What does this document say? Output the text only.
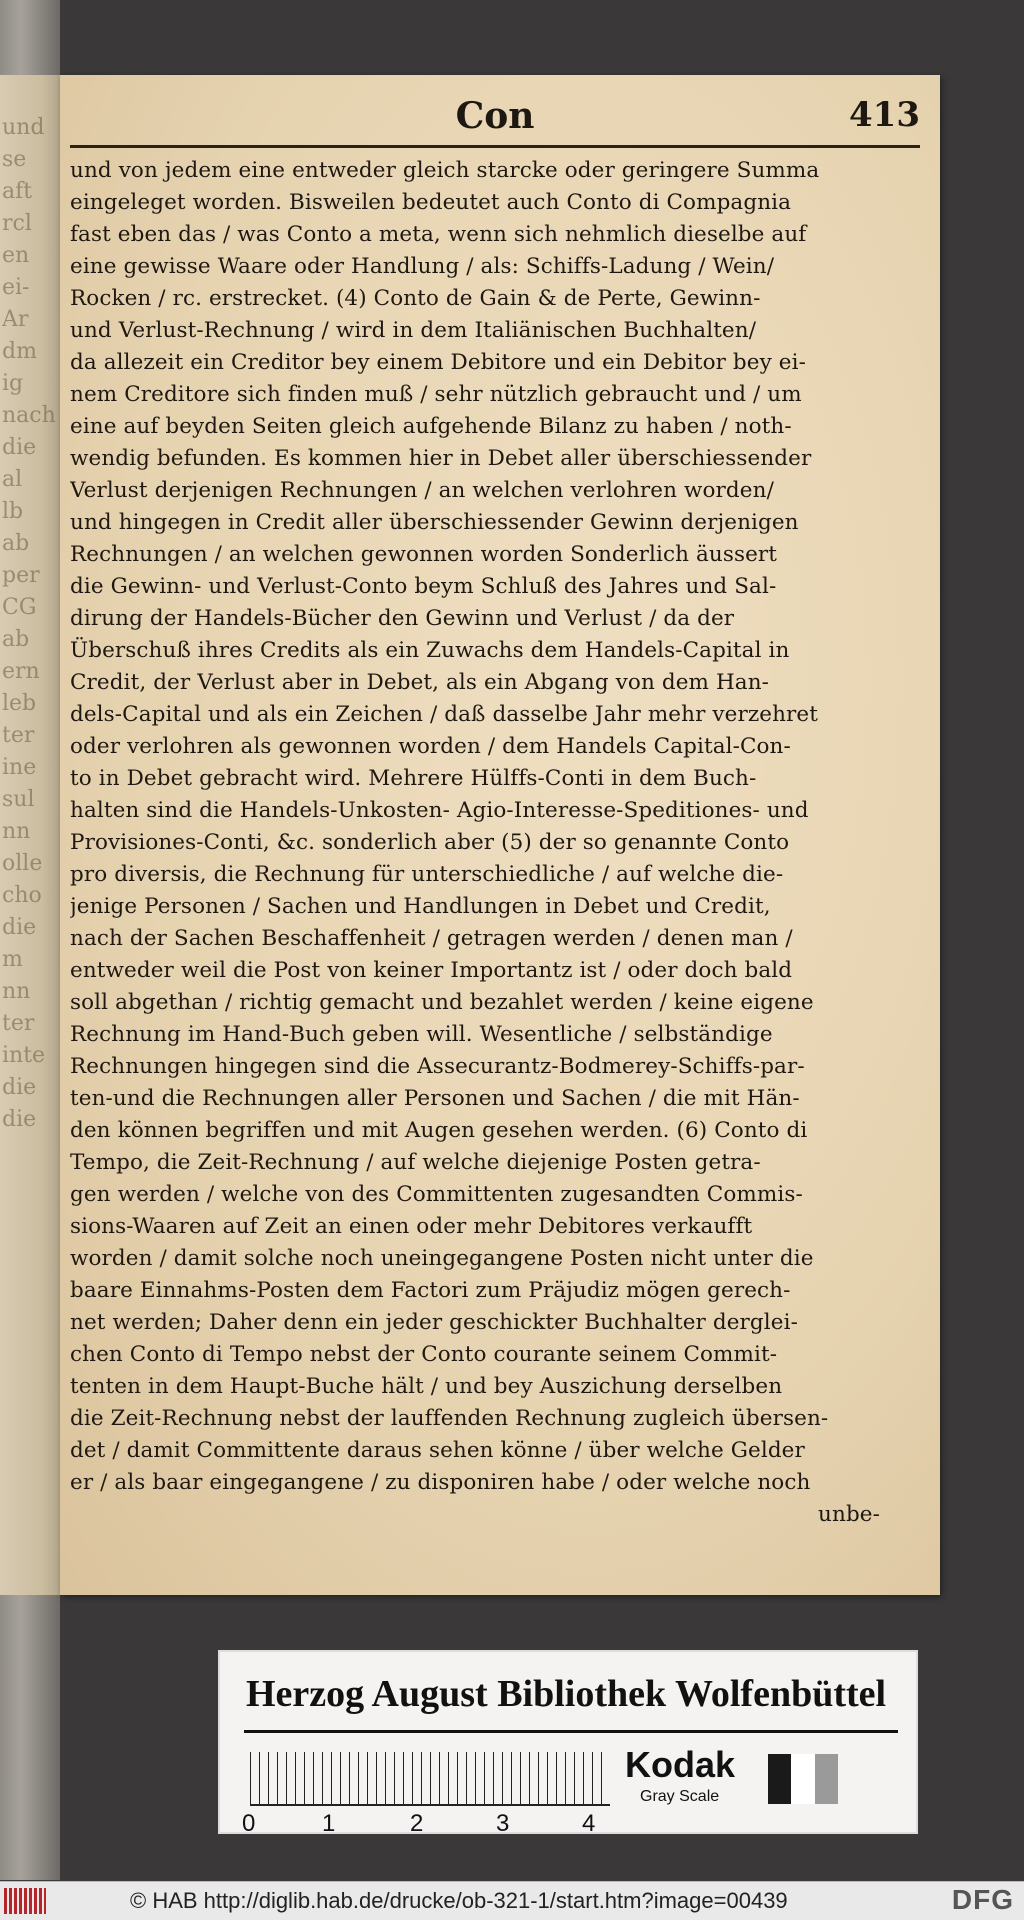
und
se
aft
rcl
en
ei-
Ar
dm
ig
nach
die
al
lb
ab
per
CG
ab
ern
leb
ter
ine
sul
nn
olle
cho
die
m
nn
ter
inte
die
die
Con	413
und von jedem eine entweder gleich starcke oder geringere Summa
eingeleget worden. Bisweilen bedeutet auch Conto di Compagnia
fast eben das / was Conto a meta, wenn sich nehmlich dieselbe auf
eine gewisse Waare oder Handlung / als: Schiffs-Ladung / Wein/
Rocken / rc. erstrecket. (4) Conto de Gain & de Perte, Gewinn-
und Verlust-Rechnung / wird in dem Italiänischen Buchhalten/
da allezeit ein Creditor bey einem Debitore und ein Debitor bey ei-
nem Creditore sich finden muß / sehr nützlich gebraucht und / um
eine auf beyden Seiten gleich aufgehende Bilanz zu haben / noth-
wendig befunden. Es kommen hier in Debet aller überschiessender
Verlust derjenigen Rechnungen / an welchen verlohren worden/
und hingegen in Credit aller überschiessender Gewinn derjenigen
Rechnungen / an welchen gewonnen worden Sonderlich äussert
die Gewinn- und Verlust-Conto beym Schluß des Jahres und Sal-
dirung der Handels-Bücher den Gewinn und Verlust / da der
Überschuß ihres Credits als ein Zuwachs dem Handels-Capital in
Credit, der Verlust aber in Debet, als ein Abgang von dem Han-
dels-Capital und als ein Zeichen / daß dasselbe Jahr mehr verzehret
oder verlohren als gewonnen worden / dem Handels Capital-Con-
to in Debet gebracht wird. Mehrere Hülffs-Conti in dem Buch-
halten sind die Handels-Unkosten- Agio-Interesse-Speditiones- und
Provisiones-Conti, &c. sonderlich aber (5) der so genannte Conto
pro diversis, die Rechnung für unterschiedliche / auf welche die-
jenige Personen / Sachen und Handlungen in Debet und Credit,
nach der Sachen Beschaffenheit / getragen werden / denen man /
entweder weil die Post von keiner Importantz ist / oder doch bald
soll abgethan / richtig gemacht und bezahlet werden / keine eigene
Rechnung im Hand-Buch geben will. Wesentliche / selbständige
Rechnungen hingegen sind die Assecurantz-Bodmerey-Schiffs-par-
ten-und die Rechnungen aller Personen und Sachen / die mit Hän-
den können begriffen und mit Augen gesehen werden. (6) Conto di
Tempo, die Zeit-Rechnung / auf welche diejenige Posten getra-
gen werden / welche von des Committenten zugesandten Commis-
sions-Waaren auf Zeit an einen oder mehr Debitores verkaufft
worden / damit solche noch uneingegangene Posten nicht unter die
baare Einnahms-Posten dem Factori zum Präjudiz mögen gerech-
net werden; Daher denn ein jeder geschickter Buchhalter derglei-
chen Conto di Tempo nebst der Conto courante seinem Commit-
tenten in dem Haupt-Buche hält / und bey Auszichung derselben
die Zeit-Rechnung nebst der lauffenden Rechnung zugleich übersen-
det / damit Committente daraus sehen könne / über welche Gelder
er / als baar eingegangene / zu disponiren habe / oder welche noch
unbe-
Herzog August Bibliothek Wolfenbüttel
0	1	2	3	4
Kodak
Gray Scale
© HAB http://diglib.hab.de/drucke/ob-321-1/start.htm?image=00439	DFG
